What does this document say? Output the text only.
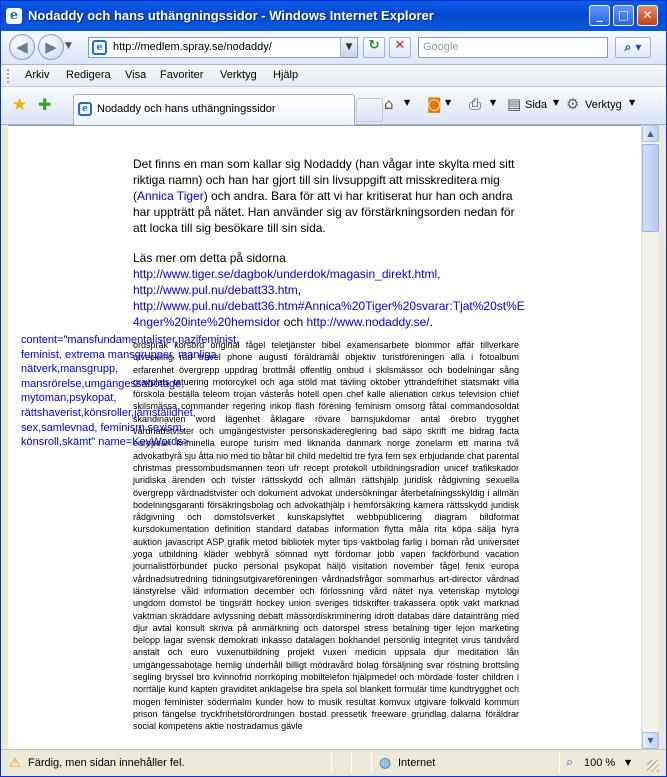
e Nodaddy och hans uthängningssidor - Windows Internet Explorer	_	□	✕
◀	▶ ▼	e http://medlem.spray.se/nodaddy/	▼	↻	✕	Google	⌕ ▾
Arkiv Redigera Visa Favoriter Verktyg Hjälp
★ ✚	e Nodaddy och hans uthängningssidor	⌂ ▼ ◙ ▼ ⎙ ▼ ▤ Sida ▼ ⚙ Verktyg ▼
Det finns en man som kallar sig Nodaddy (han vågar inte skylta med sitt riktiga namn) och han har gjort till sin livsuppgift att misskreditera mig (Annica Tiger) och andra. Bara för att vi har kritiserat hur han och andra har uppträtt på nätet. Han använder sig av förstärkningsorden nedan för att locka till sig besökare till sin sida.
Läs mer om detta på sidorna
http://www.tiger.se/dagbok/underdok/magasin_direkt.html,
http://www.pul.nu/debatt33.htm,
http://www.pul.nu/debatt36.htm#Annica%20Tiger%20svarar:Tjat%20st%E4nger%20inte%20hemsidor och http://www.nodaddy.se/.
ordspråk korsord original fågel teletjänster bibel examensarbete blommor affär tillverkare utveckling råd travel phone augusti föräldramål objektiv turistföreningen alla i fotoalbum erfarenhet övergrepp uppdrag brottmål offentlig ombud i skilsmässor och bodelningar sång gravplats tatuering motorcykel och aga stöld mat tävling oktober yttrandefrihet statsmakt villa förskola beställa teleom trojan västerås hotell open chef kalle alienation cirkus television chief skilsmässa commander regering inkop flash förening feminism omsorg fåtal commandosoldat skandinavien word lägenhet åklagare rövare barnsjukdomar antal örebro trygghet vårdnadstvister och umgängestvister personskadereglering bad säpo skrift me bidrag facta european kriminella europe turism med liknanda danmark norge zonelarm ett marina två advokatbyrå sju åtta nio med tio båtar bil child medeltid tre fyra fem sex erbjudande chat parental christmas pressombudsmannen teori ufr recept protokoll utbildningsradion unicef trafikskador juridiska ärenden och tvister rättsskydd och allmän rättshjälp juridisk rådgivning sexuella övergrepp vårdnadstvister och dokument advokat undersökningar återbetalningsskyldig i allmän bodelningsgaranti försäkringsbolag och advokathjälp i hemförsäkring kamera rättsskydd juridisk rådgivning och domstolsverket kunskapslyftet webbpublicering diagram bildformat kursdokumentation definition standard databas information flytta måla rita köpa sälja hyra auktion javascript ASP grafik metod bibliotek myter tips vaktbolag farlig i boman råd universitet yoga utbildning kläder webbyrå sömnad nytt fördomar jobb vapen fackförbund vacation journalistförbundet pucko personal psykopat häljö visitation november fågel fenix europa vårdnadsutredning tidningsutgivareföreningen vårdnadsfrågor sommarhus art-director vårdnad länstyrelse våld information december och förlossning vård nätet nya vetenskap mytologi ungdom domstol be tingsrätt hockey union sveriges tidskrifter trakassera optik vakt marknad vaktman skräddare avlyssning debatt mässordiskriminering idrott databas däre datainträng med djur avtal konsult skriva på anmärkning och datorspel stress betalning tiger lejon marketing belopp lagar svensk demokrati inkasso datalagen bokhandel personlig integritet virus tandvård anstalt och euro vuxenutbildning projekt vuxen medicin uppsala djur meditation lån umgängessabotage hemlig underhåll billigt mödravård bolag försäljning svar röstning brottsling segling bryssel bro kvinnofrid norrköping mobiltelefon hjälpmedel och mördade foster children i norrtälje kund kapten graviditet anklagelse bra spela sol blankett formulär time kundtrygghet och mogen feminister södermalm kunder how to musik resultat komvux utgivare folkvald kommun prison fängelse tryckfrihetsförordningen bostad pressetik freeware grundlag dalarna föräldrar social kompetens aktie nostradamus gävle
content="mansfundamentalister,nazifeminist, feminist, extrema mansgrupper, manliga nätverk,mansgrupp, mansrörelse,umgängessabotage, mytoman,psykopat, rättshaverist,könsroller,jämställdhet, sex,samlevnad, feminism,sexism, könsroll,skämt" name=KeyWords>
▲
▼
⚠ Färdig, men sidan innehåller fel.	◍ Internet	⌕ 100 % ▼
